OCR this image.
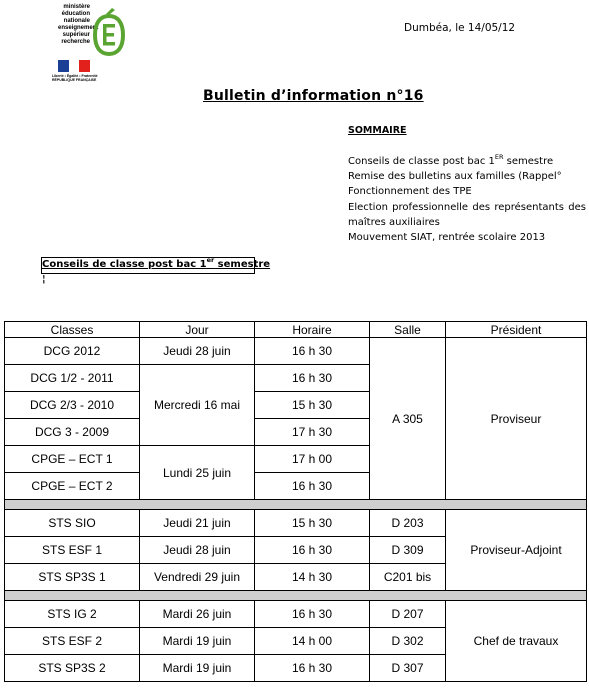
ministère
éducation
nationale
enseignement
supérieur
recherche
Liberté • Égalité • Fraternité RÉPUBLIQUE FRANÇAISE
Dumbéa, le 14/05/12
Bulletin d’information n°16
SOMMAIRE
Conseils de classe post bac 1ER semestre
Remise des bulletins aux familles (Rappel°
Fonctionnement des TPE
Election professionnelle des représentants des maîtres auxiliaires
Mouvement SIAT, rentrée scolaire 2013
Conseils de classe post bac 1er semestre
¦
Classes	Jour	Horaire	Salle	Président
DCG 2012	Jeudi 28 juin	16 h 30	A 305	Proviseur
DCG 1/2 - 2011	Mercredi 16 mai	16 h 30		
DCG 2/3 - 2010		15 h 30		
DCG 3 - 2009		17 h 30		
CPGE – ECT 1	Lundi 25 juin	17 h 00		
CPGE – ECT 2		16 h 30		

STS SIO	Jeudi 21 juin	15 h 30	D 203	Proviseur-Adjoint
STS ESF 1	Jeudi 28 juin	16 h 30	D 309	
STS SP3S 1	Vendredi 29 juin	14 h 30	C201 bis	

STS IG 2	Mardi 26 juin	16 h 30	D 207	Chef de travaux
STS ESF 2	Mardi 19 juin	14 h 00	D 302	
STS SP3S 2	Mardi 19 juin	16 h 30	D 307	
